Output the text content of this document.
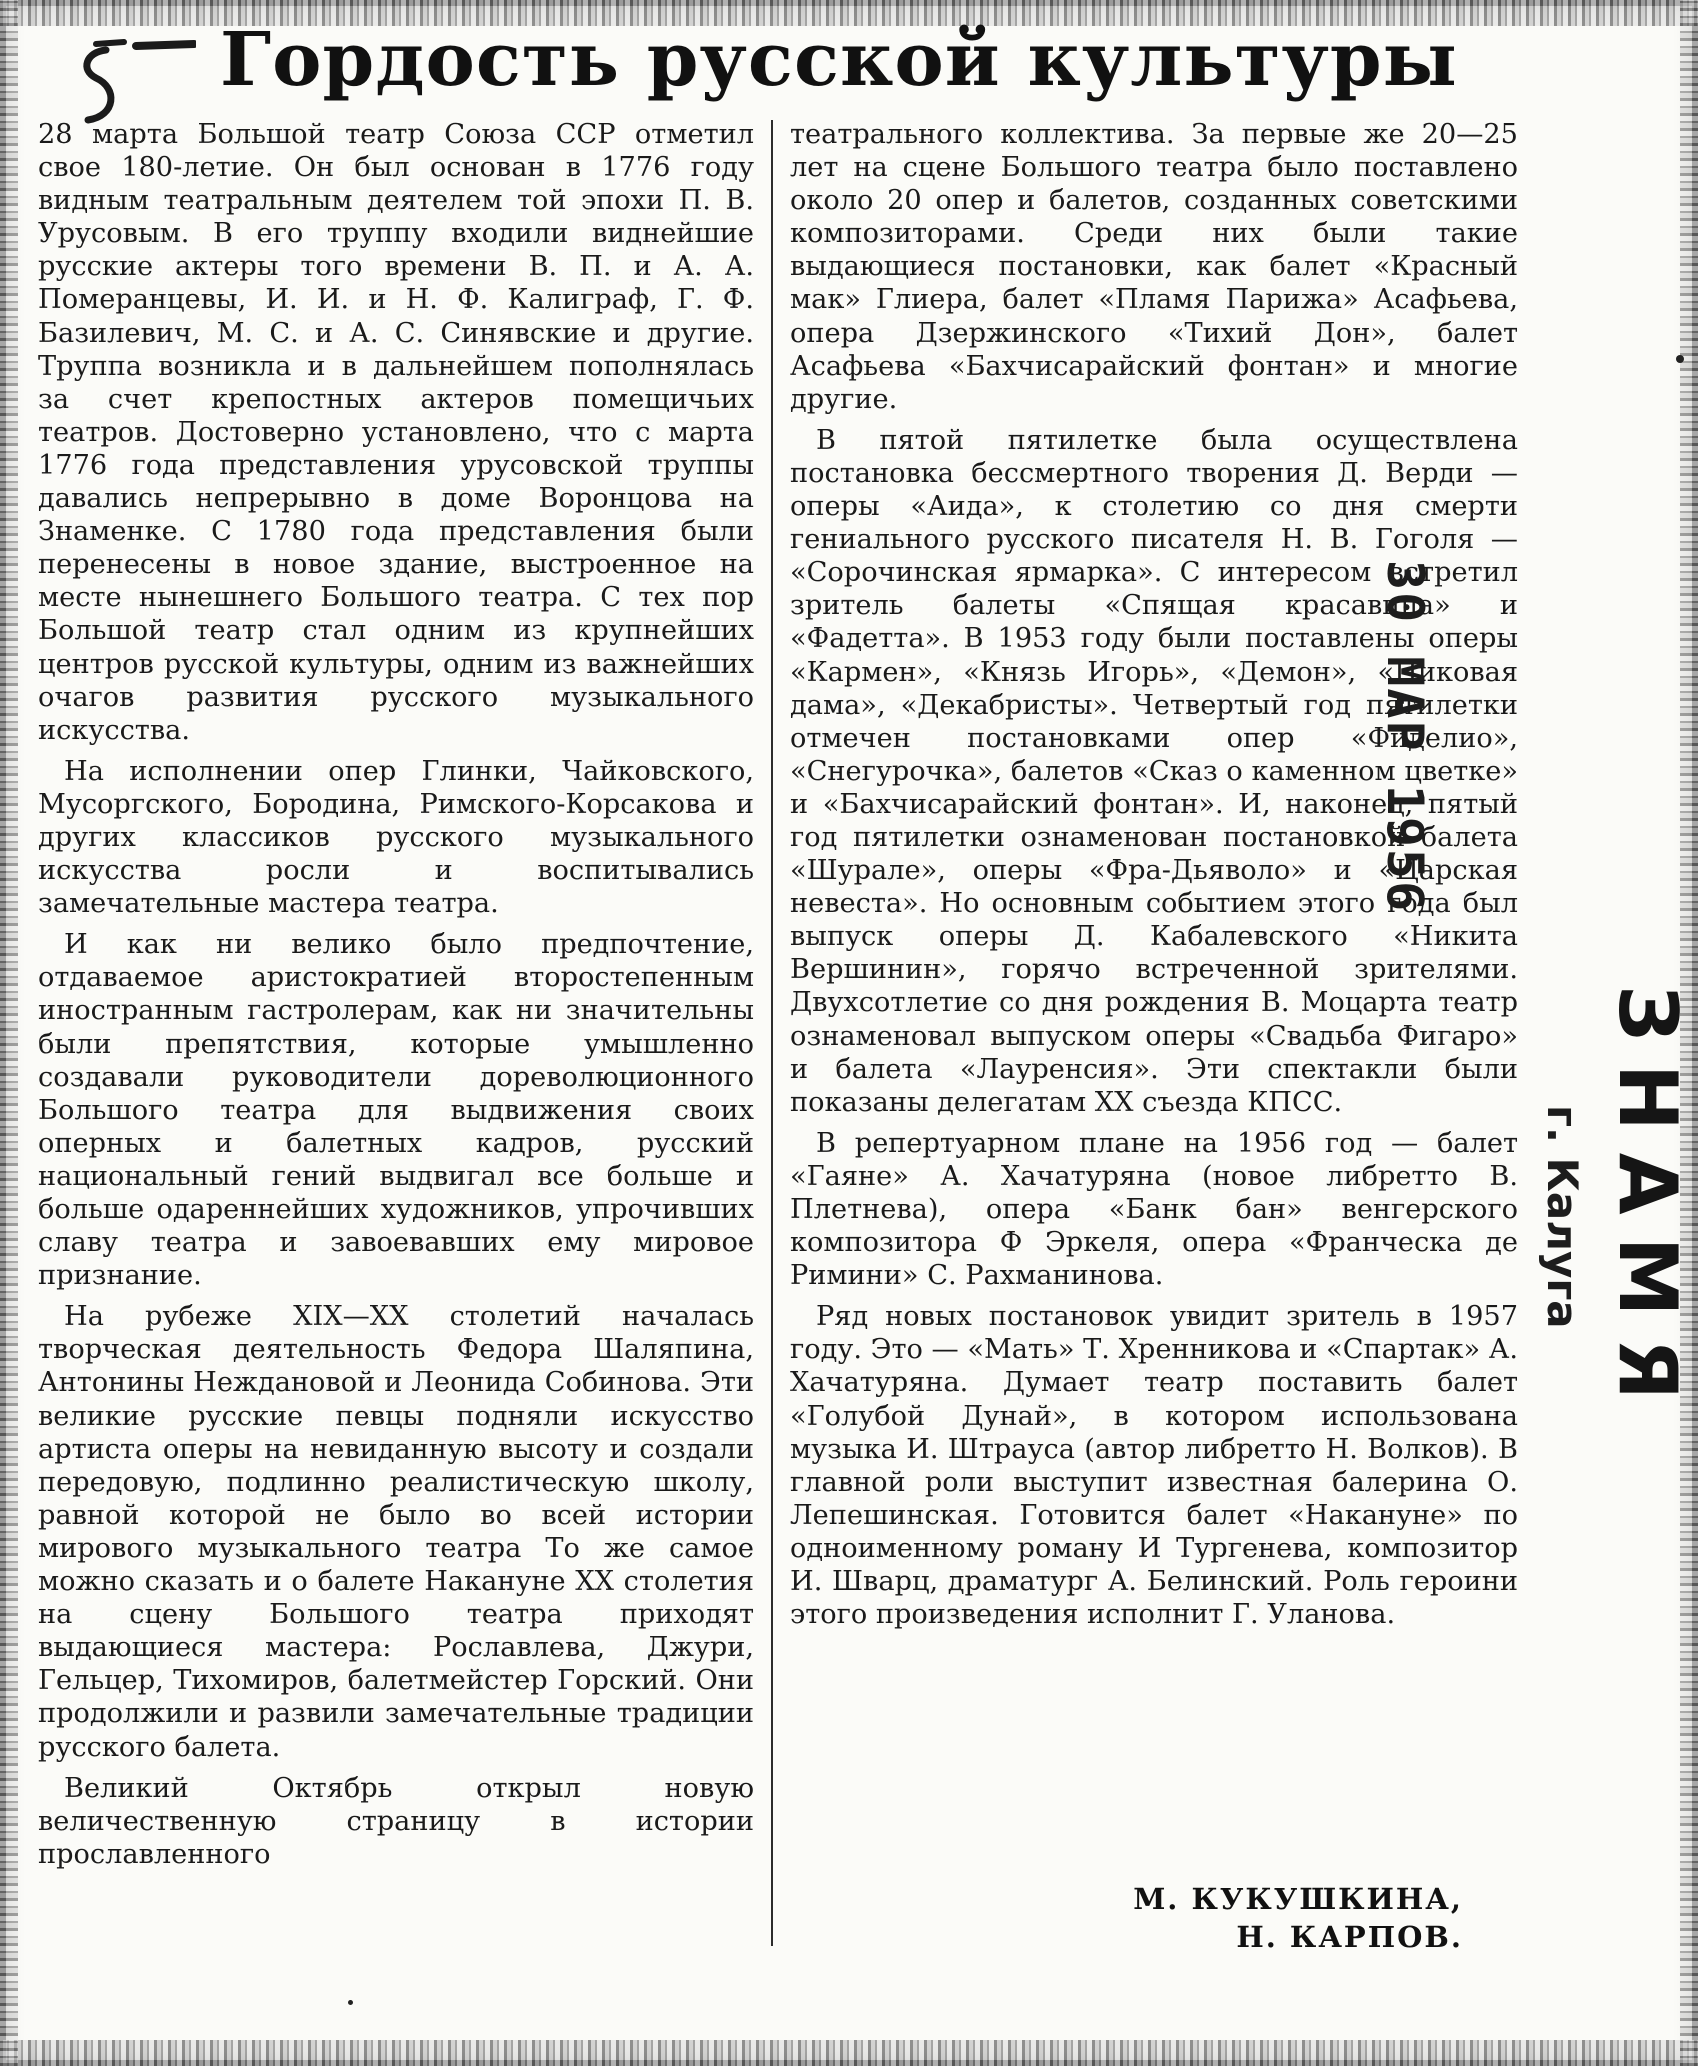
Гордость русской культуры

28 марта Большой театр Союза ССР отметил свое 180-летие. Он был основан в 1776 году видным театральным деятелем той эпохи П. В. Урусовым. В его труппу входили виднейшие русские актеры того времени В. П. и А. А. Померанцевы, И. И. и Н. Ф. Калиграф, Г. Ф. Базилевич, М. С. и А. С. Синявские и другие. Труппа возникла и в дальнейшем пополнялась за счет крепостных актеров помещичьих театров. Достоверно установлено, что с марта 1776 года представления урусовской труппы давались непрерывно в доме Воронцова на Знаменке. С 1780 года представления были перенесены в новое здание, выстроенное на месте нынешнего Большого театра. С тех пор Большой театр стал одним из крупнейших центров русской культуры, одним из важнейших очагов развития русского музыкального искусства.

На исполнении опер Глинки, Чайковского, Мусоргского, Бородина, Римского-Корсакова и других классиков русского музыкального искусства росли и воспитывались замечательные мастера театра.

И как ни велико было предпочтение, отдаваемое аристократией второстепенным иностранным гастролерам, как ни значительны были препятствия, которые умышленно создавали руководители дореволюционного Большого театра для выдвижения своих оперных и балетных кадров, русский национальный гений выдвигал все больше и больше одареннейших художников, упрочивших славу театра и завоевавших ему мировое признание.

На рубеже XIX—XX столетий началась творческая деятельность Федора Шаляпина, Антонины Неждановой и Леонида Собинова. Эти великие русские певцы подняли искусство артиста оперы на невиданную высоту и создали передовую, подлинно реалистическую школу, равной которой не было во всей истории мирового музыкального театра То же самое можно сказать и о балете Накануне XX столетия на сцену Большого театра приходят выдающиеся мастера: Рославлева, Джури, Гельцер, Тихомиров, балетмейстер Горский. Они продолжили и развили замечательные традиции русского балета.

Великий Октябрь открыл новую величественную страницу в истории прославленного

театрального коллектива. За первые же 20—25 лет на сцене Большого театра было поставлено около 20 опер и балетов, созданных советскими композиторами. Среди них были такие выдающиеся постановки, как балет «Красный мак» Глиера, балет «Пламя Парижа» Асафьева, опера Дзержинского «Тихий Дон», балет Асафьева «Бахчисарайский фонтан» и многие другие.

В пятой пятилетке была осуществлена постановка бессмертного творения Д. Верди — оперы «Аида», к столетию со дня смерти гениального русского писателя Н. В. Гоголя — «Сорочинская ярмарка». С интересом встретил зритель балеты «Спящая красавица» и «Фадетта». В 1953 году были поставлены оперы «Кармен», «Князь Игорь», «Демон», «Пиковая дама», «Декабристы». Четвертый год пятилетки отмечен постановками опер «Фиделио», «Снегурочка», балетов «Сказ о каменном цветке» и «Бахчисарайский фонтан». И, наконец, пятый год пятилетки ознаменован постановкой балета «Шурале», оперы «Фра-Дьяволо» и «Царская невеста». Но основным событием этого года был выпуск оперы Д. Кабалевского «Никита Вершинин», горячо встреченной зрителями. Двухсотлетие со дня рождения В. Моцарта театр ознаменовал выпуском оперы «Свадьба Фигаро» и балета «Лауренсия». Эти спектакли были показаны делегатам XX съезда КПСС.

В репертуарном плане на 1956 год — балет «Гаяне» А. Хачатуряна (новое либретто В. Плетнева), опера «Банк бан» венгерского композитора Ф Эркеля, опера «Франческа де Римини» С. Рахманинова.

Ряд новых постановок увидит зритель в 1957 году. Это — «Мать» Т. Хренникова и «Спартак» А. Хачатуряна. Думает театр поставить балет «Голубой Дунай», в котором использована музыка И. Штрауса (автор либретто Н. Волков). В главной роли выступит известная балерина О. Лепешинская. Готовится балет «Накануне» по одноименному роману И Тургенева, композитор И. Шварц, драматург А. Белинский. Роль героини этого произведения исполнит Г. Уланова.

М. КУКУШКИНА,
Н. КАРПОВ.
30 МАР 1956
ЗНАМЯ
г. Калуга
